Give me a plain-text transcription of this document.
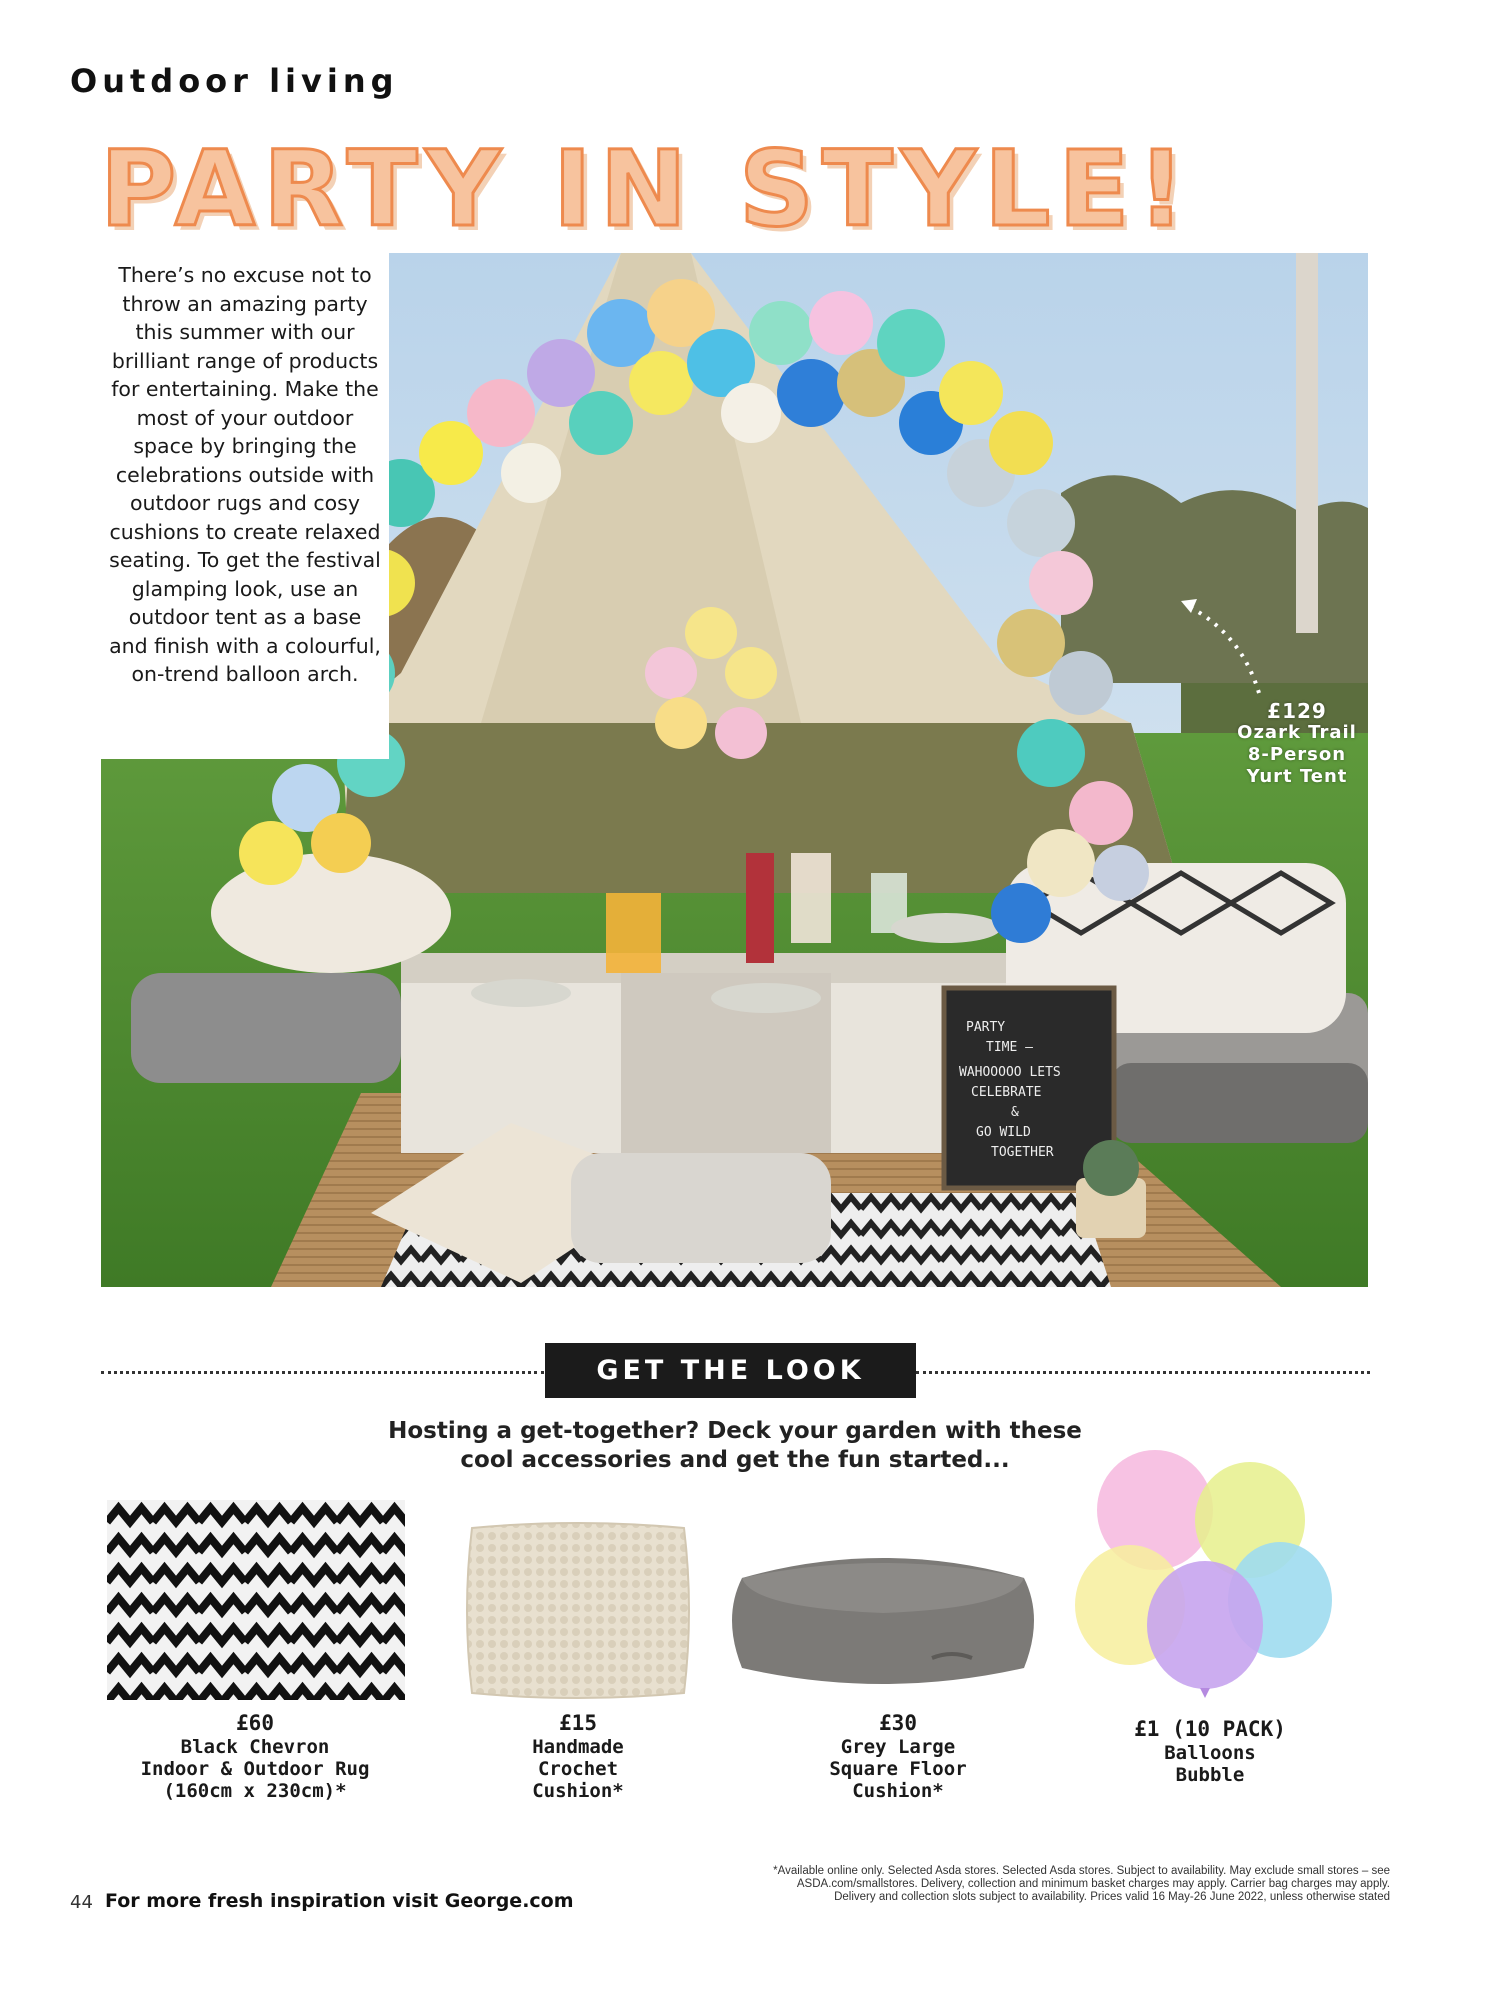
Outdoor living
PARTY IN STYLE!
PARTY
TIME —
WAHOOOOO LETS
CELEBRATE
&
GO WILD
TOGETHER
There’s no excuse not to throw an amazing party this summer with our brilliant range of products for entertaining. Make the most of your outdoor space by bringing the celebrations outside with outdoor rugs and cosy cushions to create relaxed seating. To get the festival glamping look, use an outdoor tent as a base and finish with a colourful, on-trend balloon arch.
£129
Ozark Trail
8-Person
Yurt Tent
GET THE LOOK
Hosting a get-together? Deck your garden with these
cool accessories and get the fun started...
£60
Black Chevron
Indoor & Outdoor Rug
(160cm x 230cm)*
£15
Handmade
Crochet
Cushion*
£30
Grey Large
Square Floor
Cushion*
£1 (10 PACK)
Balloons
Bubble
44 For more fresh inspiration visit George.com
*Available online only. Selected Asda stores. Selected Asda stores. Subject to availability. May exclude small stores – see
ASDA.com/smallstores. Delivery, collection and minimum basket charges may apply. Carrier bag charges may apply.
Delivery and collection slots subject to availability. Prices valid 16 May-26 June 2022, unless otherwise stated
